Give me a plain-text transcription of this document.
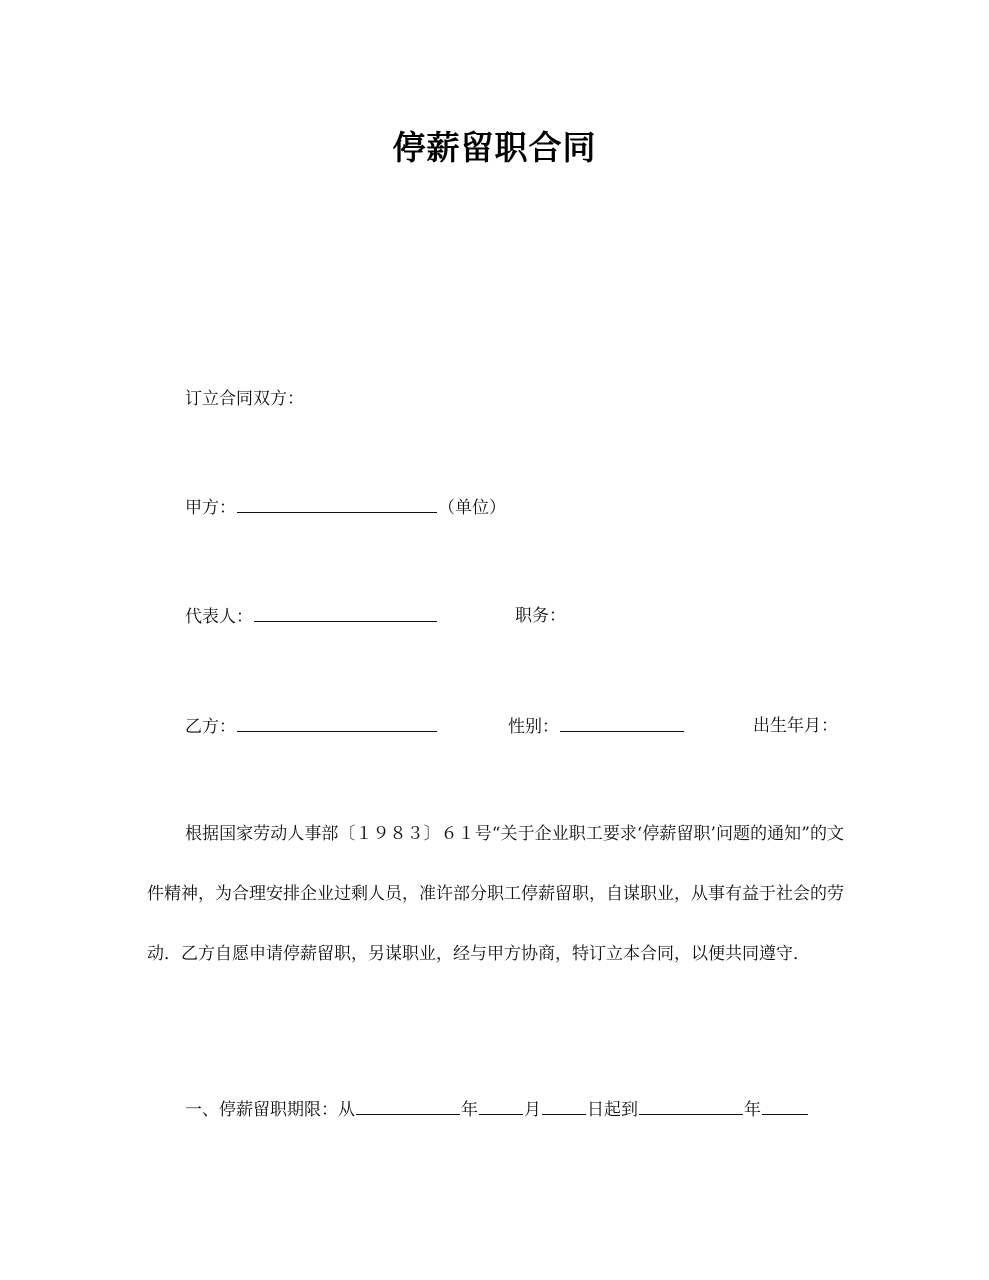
停薪留职合同
订立合同双方：
甲方：	（单位）
代表人：	职务：
乙方：	性别：	出生年月：
根据国家劳动人事部〔１９８３〕６１号“关于企业职工要求‘停薪留职’问题的通知”的文件精神，为合理安排企业过剩人员，准许部分职工停薪留职，自谋职业，从事有益于社会的劳动．乙方自愿申请停薪留职，另谋职业，经与甲方协商，特订立本合同，以便共同遵守．
一、停薪留职期限：从	年	月	日起到	年
